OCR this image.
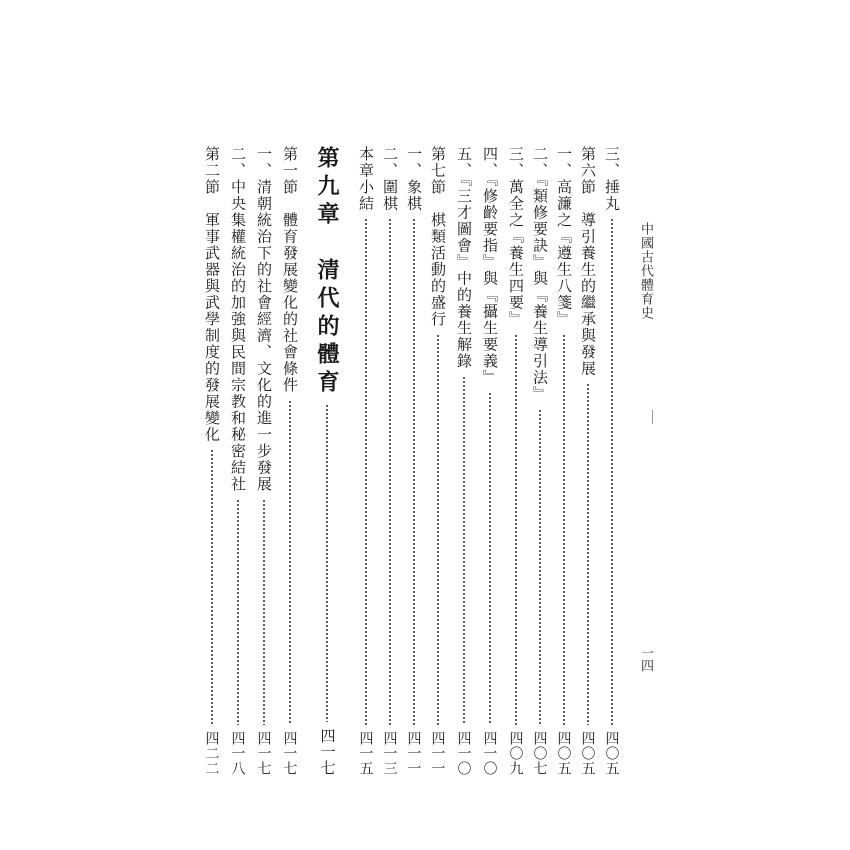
中國古代體育史
一四
三、捶丸
四〇五
第六節　導引養生的繼承與發展
四〇五
一、高濂之『遵生八箋』
四〇五
二、『類修要訣』與『養生導引法』
四〇七
三、萬全之『養生四要』
四〇九
四、『修齡要指』與『攝生要義』
四一〇
五、『三才圖會』中的養生解錄
四一〇
第七節　棋類活動的盛行
四一一
一、象棋
四一一
二、圍棋
四一三
本章小結
四一五
第九章　清代的體育
四一七
第一節　體育發展變化的社會條件
四一七
一、清朝統治下的社會經濟、文化的進一步發展
四一七
二、中央集權統治的加強與民間宗教和秘密結社
四一八
第二節　軍事武器與武學制度的發展變化
四二二
